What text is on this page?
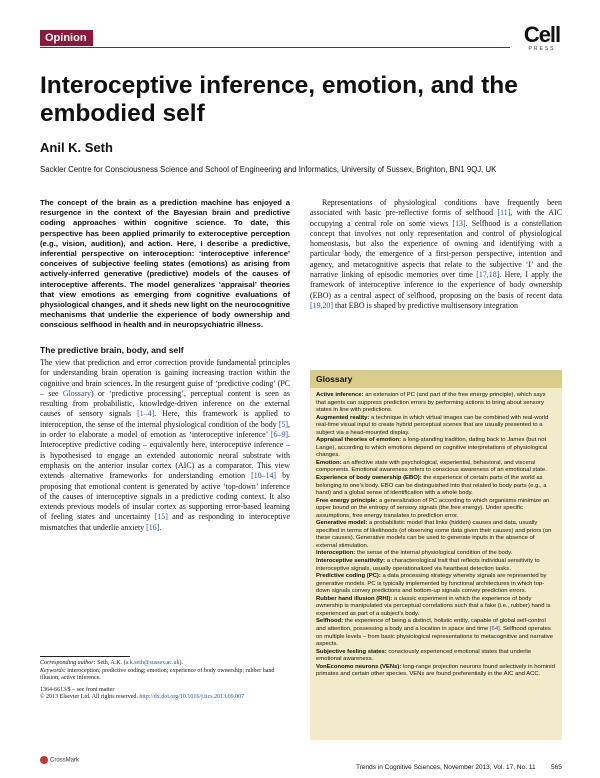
Opinion	Cell
PRESS
Interoceptive inference, emotion, and the embodied self
Anil K. Seth
Sackler Centre for Consciousness Science and School of Engineering and Informatics, University of Sussex, Brighton, BN1 9QJ, UK

The concept of the brain as a prediction machine has enjoyed a resurgence in the context of the Bayesian brain and predictive coding approaches within cognitive science. To date, this perspective has been applied primarily to exteroceptive perception (e.g., vision, audition), and action. Here, I describe a predictive, inferential perspective on interoception: ‘interoceptive inference’ conceives of subjective feeling states (emotions) as arising from actively-inferred generative (predictive) models of the causes of interoceptive afferents. The model generalizes ‘appraisal’ theories that view emotions as emerging from cognitive evaluations of physiological changes, and it sheds new light on the neurocognitive mechanisms that underlie the experience of body ownership and conscious selfhood in health and in neuropsychiatric illness.

The predictive brain, body, and self

The view that prediction and error correction provide fundamental principles for understanding brain operation is gaining increasing traction within the cognitive and brain sciences. In the resurgent guise of ‘predictive coding’ (PC – see Glossary) or ‘predictive processing’, perceptual content is seen as resulting from probabilistic, knowledge-driven inference on the external causes of sensory signals [1–4]. Here, this framework is applied to interoception, the sense of the internal physiological condition of the body [5], in order to elaborate a model of emotion as ‘interoceptive inference’ [6–9]. Interoceptive predictive coding – equivalently here, interoceptive inference – is hypothesised to engage an extended autonomic neural substrate with emphasis on the anterior insular cortex (AIC) as a comparator. This view extends alternative frameworks for understanding emotion [10–14] by proposing that emotional content is generated by active ‘top-down’ inference of the causes of interoceptive signals in a predictive coding context. It also extends previous models of insular cortex as supporting error-based learning of feeling states and uncertainty [15] and as responding to interoceptive mismatches that underlie anxiety [16].

Corresponding author: Seth, A.K. (a.k.seth@sussex.ac.uk).
Keywords: interoception; predictive coding; emotion; experience of body ownership; rubber hand illusion; active inference.
1364-6613/$ – see front matter
© 2013 Elsevier Ltd. All rights reserved. http://dx.doi.org/10.1016/j.tics.2013.09.007

Representations of physiological conditions have frequently been associated with basic pre-reflective forms of selfhood [11], with the AIC occupying a central role on some views [13]. Selfhood is a constellation concept that involves not only representation and control of physiological homeostasis, but also the experience of owning and identifying with a particular body, the emergence of a first-person perspective, intention and agency, and metacognitive aspects that relate to the subjective ‘I’ and the narrative linking of episodic memories over time [17,18]. Here, I apply the framework of interoceptive inference to the experience of body ownership (EBO) as a central aspect of selfhood, proposing on the basis of recent data [19,20] that EBO is shaped by predictive multisensory integration

Glossary

Active inference: an extension of PC (and part of the free energy principle), which says that agents can suppress prediction errors by performing actions to bring about sensory states in line with predictions.

Augmented reality: a technique in which virtual images can be combined with real-world real-time visual input to create hybrid perceptual scenes that are usually presented to a subject via a head-mounted display.

Appraisal theories of emotion: a long-standing tradition, dating back to James (but not Lange), according to which emotions depend on cognitive interpretations of physiological changes.

Emotion: an affective state with psychological, experiential, behavioral, and visceral components. Emotional awareness refers to conscious awareness of an emotional state.

Experience of body ownership (EBO): the experience of certain parts of the world as belonging to one's body. EBO can be distinguished into that related to body parts (e.g., a hand) and a global sense of identification with a whole body.

Free energy principle: a generalization of PC according to which organisms minimize an upper bound on the entropy of sensory signals (the free energy). Under specific assumptions, free energy translates to prediction error.

Generative model: a probabilistic model that links (hidden) causes and data, usually specified in terms of likelihoods (of observing some data given their causes) and priors (on these causes). Generative models can be used to generate inputs in the absence of external stimulation.

Interoception: the sense of the internal physiological condition of the body.

Interoceptive sensitivity: a characterological trait that reflects individual sensitivity to interoceptive signals, usually operationalized via heartbeat detection tasks.

Predictive coding (PC): a data processing strategy whereby signals are represented by generative models. PC is typically implemented by functional architectures in which top-down signals convey predictions and bottom-up signals convey prediction errors.

Rubber hand illusion (RHI): a classic experiment in which the experience of body ownership is manipulated via perceptual correlations such that a fake (i.e., rubber) hand is experienced as part of a subject's body.

Selfhood: the experience of being a distinct, holistic entity, capable of global self-control and attention, possessing a body and a location in space and time [64]. Selfhood operates on multiple levels – from basic physiological representations to metacognitive and narrative aspects.

Subjective feeling states: consciously experienced emotional states that underlie emotional awareness.

VonEconomo neurons (VENs): long-range projection neurons found selectively in hominid primates and certain other species. VENs are found preferentially in the AIC and ACC.

CrossMark
Trends in Cognitive Sciences, November 2013, Vol. 17, No. 11 565
